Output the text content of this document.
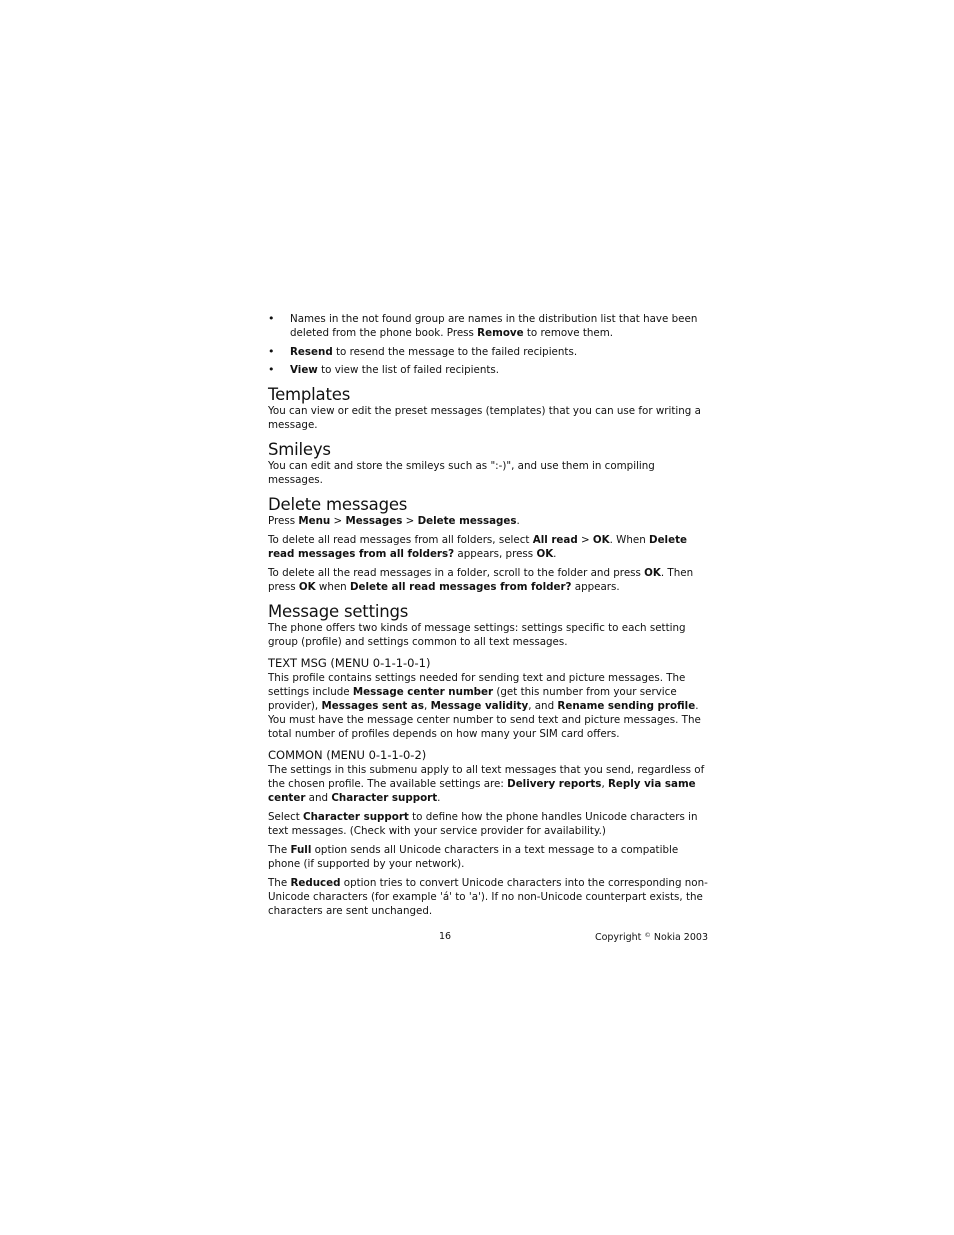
• Names in the not found group are names in the distribution list that have been deleted from the phone book. Press Remove to remove them.
• Resend to resend the message to the failed recipients.
• View to view the list of failed recipients.
Templates

You can view or edit the preset messages (templates) that you can use for writing a message.

Smileys

You can edit and store the smileys such as ":-)", and use them in compiling messages.

Delete messages

Press Menu > Messages > Delete messages.

To delete all read messages from all folders, select All read > OK. When Delete read messages from all folders? appears, press OK.

To delete all the read messages in a folder, scroll to the folder and press OK. Then press OK when Delete all read messages from folder? appears.

Message settings

The phone offers two kinds of message settings: settings specific to each setting group (profile) and settings common to all text messages.

TEXT MSG (MENU 0-1-1-0-1)

This profile contains settings needed for sending text and picture messages. The settings include Message center number (get this number from your service provider), Messages sent as, Message validity, and Rename sending profile. You must have the message center number to send text and picture messages. The total number of profiles depends on how many your SIM card offers.

COMMON (MENU 0-1-1-0-2)

The settings in this submenu apply to all text messages that you send, regardless of the chosen profile. The available settings are: Delivery reports, Reply via same center and Character support.

Select Character support to define how the phone handles Unicode characters in text messages. (Check with your service provider for availability.)

The Full option sends all Unicode characters in a text message to a compatible phone (if supported by your network).

The Reduced option tries to convert Unicode characters into the corresponding non-Unicode characters (for example 'á' to 'a'). If no non-Unicode counterpart exists, the characters are sent unchanged.

16	Copyright © Nokia 2003
